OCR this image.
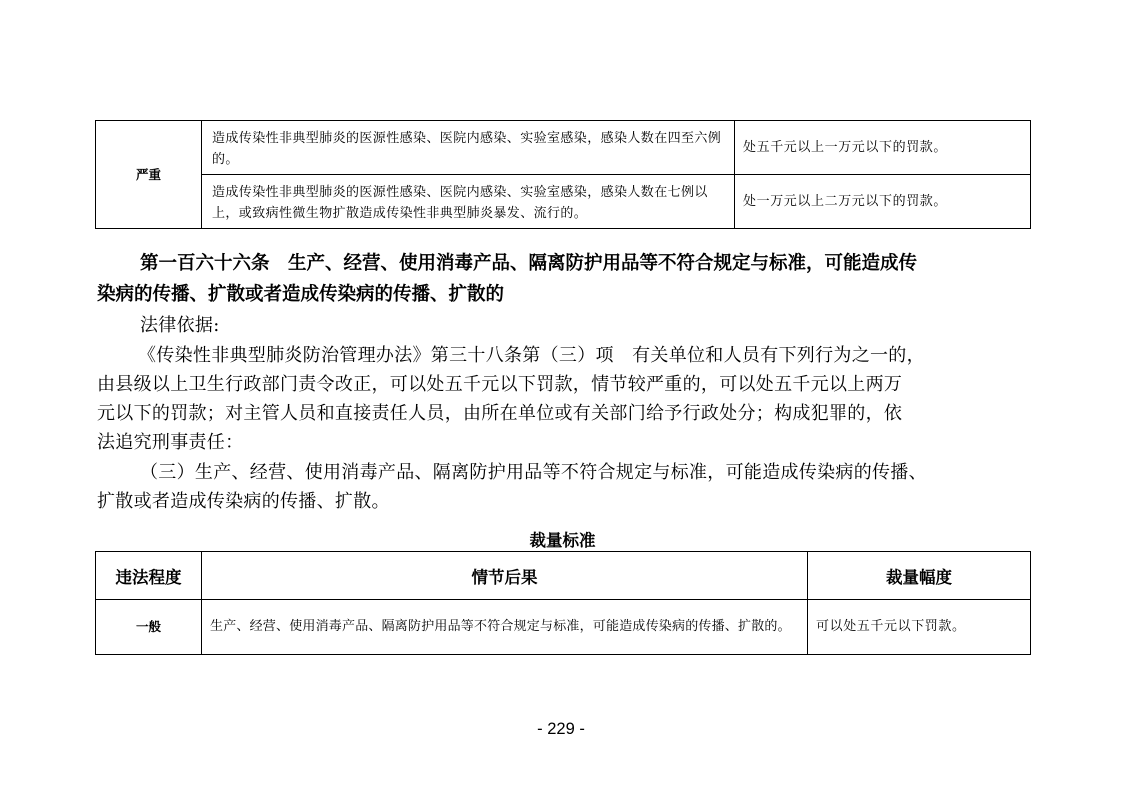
严重	造成传染性非典型肺炎的医源性感染、医院内感染、实验室感染，感染人数在四至六例的。	处五千元以上一万元以下的罚款。
	造成传染性非典型肺炎的医源性感染、医院内感染、实验室感染，感染人数在七例以上，或致病性微生物扩散造成传染性非典型肺炎暴发、流行的。	处一万元以上二万元以下的罚款。
第一百六十六条　生产、经营、使用消毒产品、隔离防护用品等不符合规定与标准，可能造成传
染病的传播、扩散或者造成传染病的传播、扩散的
法律依据:
《传染性非典型肺炎防治管理办法》第三十八条第（三）项　有关单位和人员有下列行为之一的，
由县级以上卫生行政部门责令改正，可以处五千元以下罚款，情节较严重的，可以处五千元以上两万
元以下的罚款；对主管人员和直接责任人员，由所在单位或有关部门给予行政处分；构成犯罪的，依
法追究刑事责任：
（三）生产、经营、使用消毒产品、隔离防护用品等不符合规定与标准，可能造成传染病的传播、
扩散或者造成传染病的传播、扩散。
裁量标准
违法程度	情节后果	裁量幅度
一般	生产、经营、使用消毒产品、隔离防护用品等不符合规定与标准，可能造成传染病的传播、扩散的。	可以处五千元以下罚款。
- 229 -
